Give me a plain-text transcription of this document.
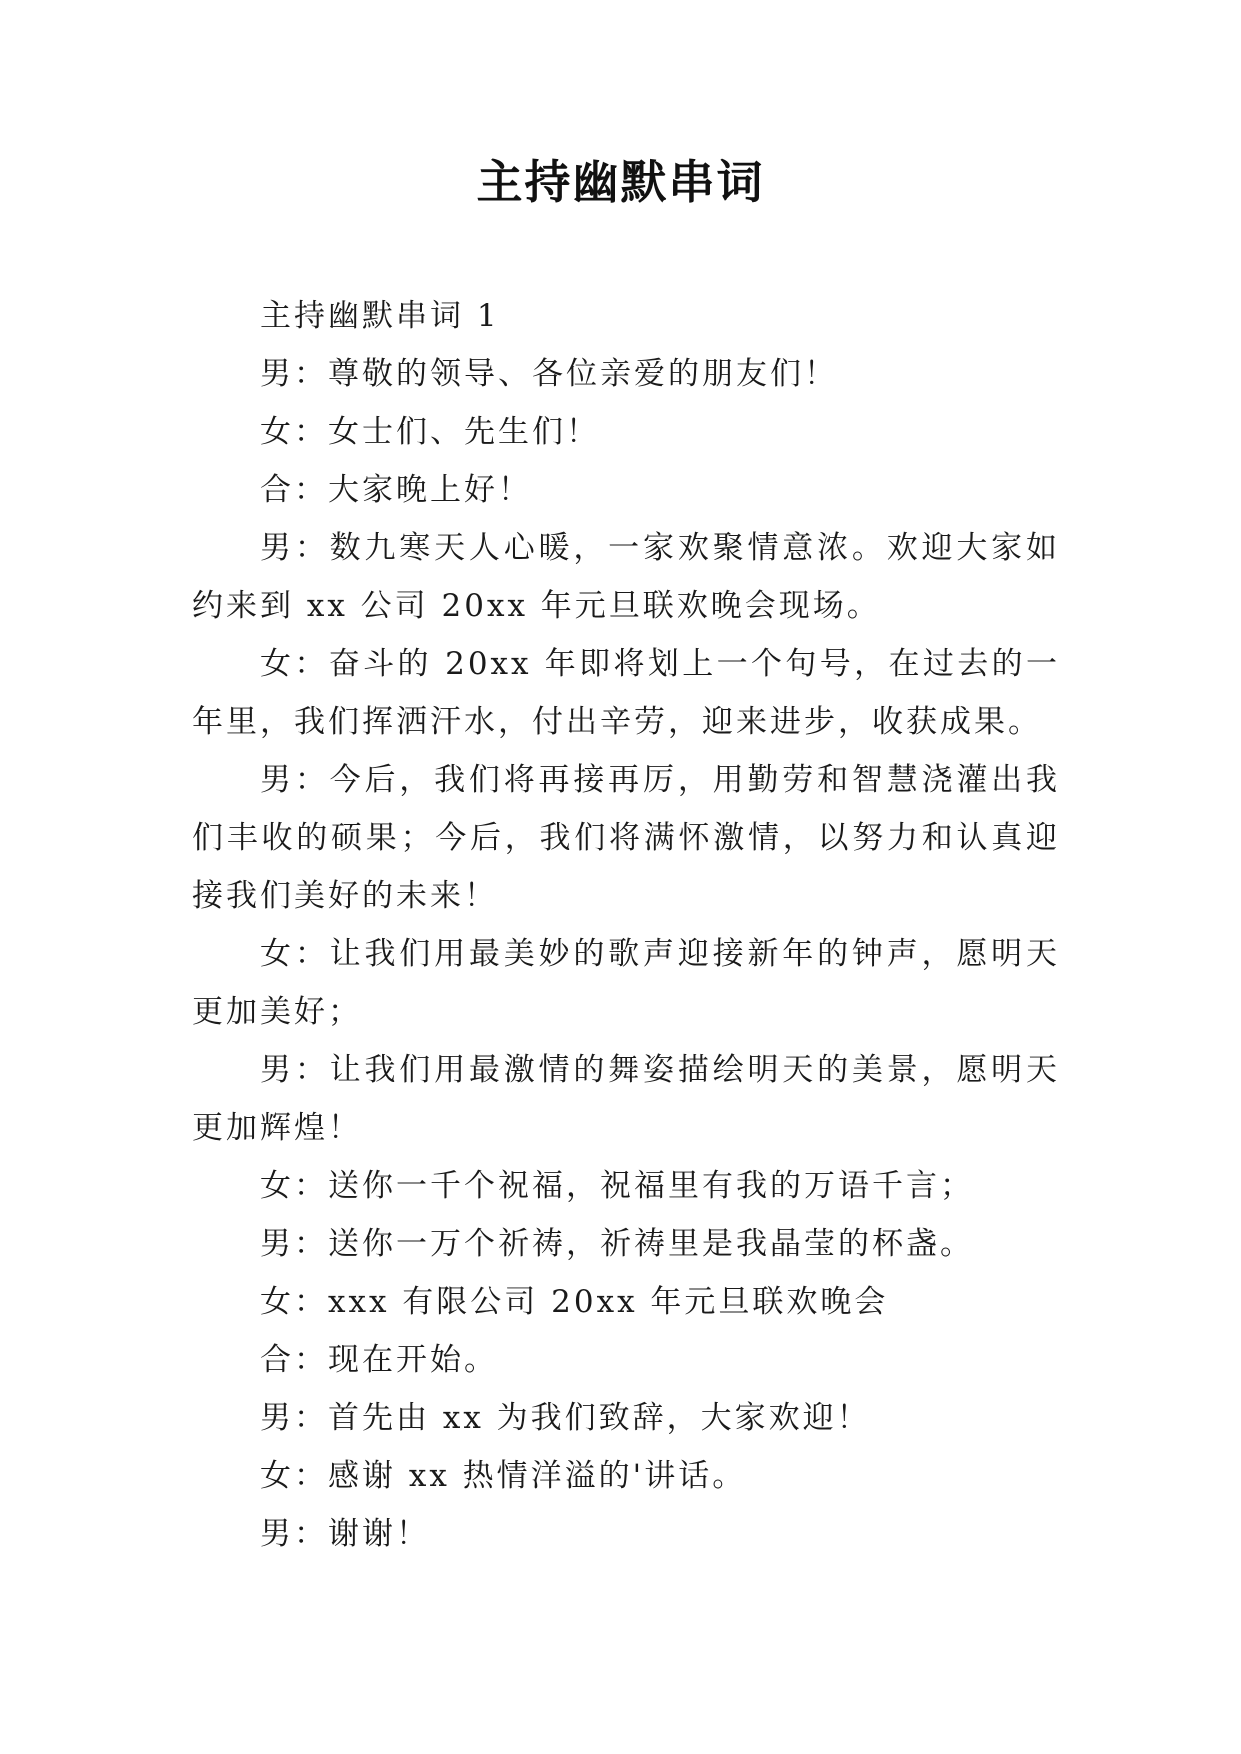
主持幽默串词

主持幽默串词 1

男：尊敬的领导、各位亲爱的朋友们！

女：女士们、先生们！

合：大家晚上好！

男：数九寒天人心暖，一家欢聚情意浓。欢迎大家如约来到 xx 公司 20xx 年元旦联欢晚会现场。

女：奋斗的 20xx 年即将划上一个句号，在过去的一年里，我们挥洒汗水，付出辛劳，迎来进步，收获成果。

男：今后，我们将再接再厉，用勤劳和智慧浇灌出我们丰收的硕果；今后，我们将满怀激情，以努力和认真迎接我们美好的未来！

女：让我们用最美妙的歌声迎接新年的钟声，愿明天更加美好；

男：让我们用最激情的舞姿描绘明天的美景，愿明天更加辉煌！

女：送你一千个祝福，祝福里有我的万语千言；

男：送你一万个祈祷，祈祷里是我晶莹的杯盏。

女：xxx 有限公司 20xx 年元旦联欢晚会

合：现在开始。

男：首先由 xx 为我们致辞，大家欢迎！

女：感谢 xx 热情洋溢的'讲话。

男：谢谢！
